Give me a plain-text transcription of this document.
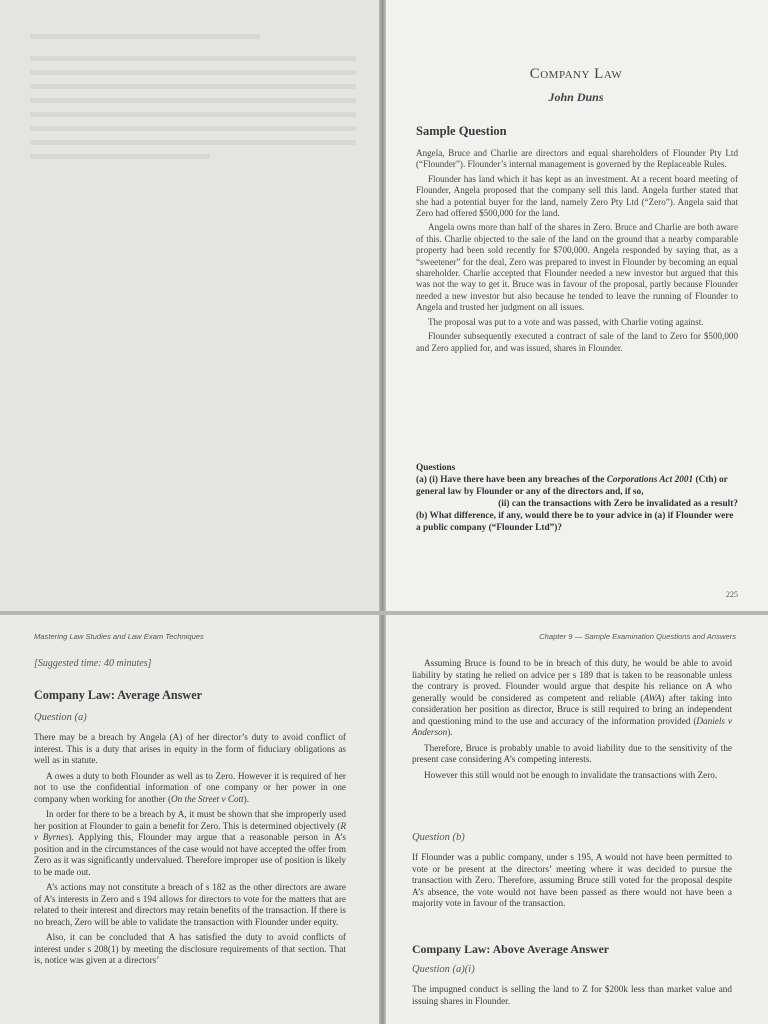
Company Law
John Duns
Sample Question

Angela, Bruce and Charlie are directors and equal shareholders of Flounder Pty Ltd (“Flounder”). Flounder’s internal management is governed by the Replaceable Rules.

Flounder has land which it has kept as an investment. At a recent board meeting of Flounder, Angela proposed that the company sell this land. Angela further stated that she had a potential buyer for the land, namely Zero Pty Ltd (“Zero”). Angela said that Zero had offered $500,000 for the land.

Angela owns more than half of the shares in Zero. Bruce and Charlie are both aware of this. Charlie objected to the sale of the land on the ground that a nearby comparable property had been sold recently for $700,000. Angela responded by saying that, as a “sweetener” for the deal, Zero was prepared to invest in Flounder by becoming an equal shareholder. Charlie accepted that Flounder needed a new investor but argued that this was not the way to get it. Bruce was in favour of the proposal, partly because Flounder needed a new investor but also because he tended to leave the running of Flounder to Angela and trusted her judgment on all issues.

The proposal was put to a vote and was passed, with Charlie voting against.

Flounder subsequently executed a contract of sale of the land to Zero for $500,000 and Zero applied for, and was issued, shares in Flounder.

Questions
(a) (i) Have there have been any breaches of the Corporations Act 2001 (Cth) or general law by Flounder or any of the directors and, if so,
(ii) can the transactions with Zero be invalidated as a result?
(b) What difference, if any, would there be to your advice in (a) if Flounder were a public company (“Flounder Ltd”)?
225
Mastering Law Studies and Law Exam Techniques
[Suggested time: 40 minutes]
Company Law: Average Answer
Question (a)

There may be a breach by Angela (A) of her director’s duty to avoid conflict of interest. This is a duty that arises in equity in the form of fiduciary obligations as well as in statute.

A owes a duty to both Flounder as well as to Zero. However it is required of her not to use the confidential information of one company or her power in one company when working for another (On the Street v Cott).

In order for there to be a breach by A, it must be shown that she improperly used her position at Flounder to gain a benefit for Zero. This is determined objectively (R v Byrnes). Applying this, Flounder may argue that a reasonable person in A’s position and in the circumstances of the case would not have accepted the offer from Zero as it was significantly undervalued. Therefore improper use of position is likely to be made out.

A’s actions may not constitute a breach of s 182 as the other directors are aware of A’s interests in Zero and s 194 allows for directors to vote for the matters that are related to their interest and directors may retain benefits of the transaction. If there is no breach, Zero will be able to validate the transaction with Flounder under equity.

Also, it can be concluded that A has satisfied the duty to avoid conflicts of interest under s 208(1) by meeting the disclosure requirements of that section. That is, notice was given at a directors’

Chapter 9 — Sample Examination Questions and Answers

Assuming Bruce is found to be in breach of this duty, he would be able to avoid liability by stating he relied on advice per s 189 that is taken to be reasonable unless the contrary is proved. Flounder would argue that despite his reliance on A who generally would be considered as competent and reliable (AWA) after taking into consideration her position as director, Bruce is still required to bring an independent and questioning mind to the use and accuracy of the information provided (Daniels v Anderson).

Therefore, Bruce is probably unable to avoid liability due to the sensitivity of the present case considering A’s competing interests.

However this still would not be enough to invalidate the transactions with Zero.

Question (b)

If Flounder was a public company, under s 195, A would not have been permitted to vote or be present at the directors’ meeting where it was decided to pursue the transaction with Zero. Therefore, assuming Bruce still voted for the proposal despite A’s absence, the vote would not have been passed as there would not have been a majority vote in favour of the transaction.

Company Law: Above Average Answer
Question (a)(i)

The impugned conduct is selling the land to Z for $200k less than market value and issuing shares in Flounder.
